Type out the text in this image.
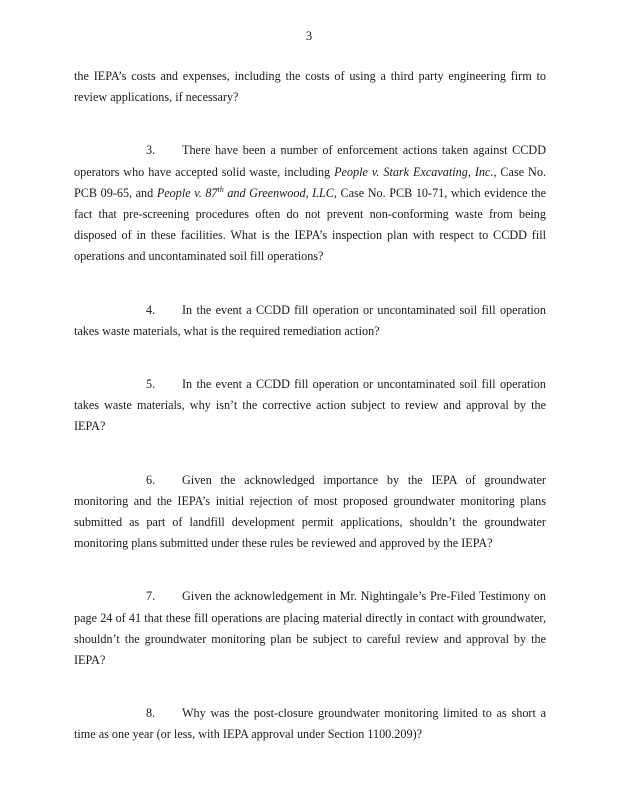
3

the IEPA’s costs and expenses, including the costs of using a third party engineering firm to review applications, if necessary?

3. There have been a number of enforcement actions taken against CCDD operators who have accepted solid waste, including People v. Stark Excavating, Inc., Case No. PCB 09-65, and People v. 87th and Greenwood, LLC, Case No. PCB 10-71, which evidence the fact that pre-screening procedures often do not prevent non-conforming waste from being disposed of in these facilities. What is the IEPA’s inspection plan with respect to CCDD fill operations and uncontaminated soil fill operations?

4. In the event a CCDD fill operation or uncontaminated soil fill operation takes waste materials, what is the required remediation action?

5. In the event a CCDD fill operation or uncontaminated soil fill operation takes waste materials, why isn’t the corrective action subject to review and approval by the IEPA?

6. Given the acknowledged importance by the IEPA of groundwater monitoring and the IEPA’s initial rejection of most proposed groundwater monitoring plans submitted as part of landfill development permit applications, shouldn’t the groundwater monitoring plans submitted under these rules be reviewed and approved by the IEPA?

7. Given the acknowledgement in Mr. Nightingale’s Pre-Filed Testimony on page 24 of 41 that these fill operations are placing material directly in contact with groundwater, shouldn’t the groundwater monitoring plan be subject to careful review and approval by the IEPA?

8. Why was the post-closure groundwater monitoring limited to as short a time as one year (or less, with IEPA approval under Section 1100.209)?
